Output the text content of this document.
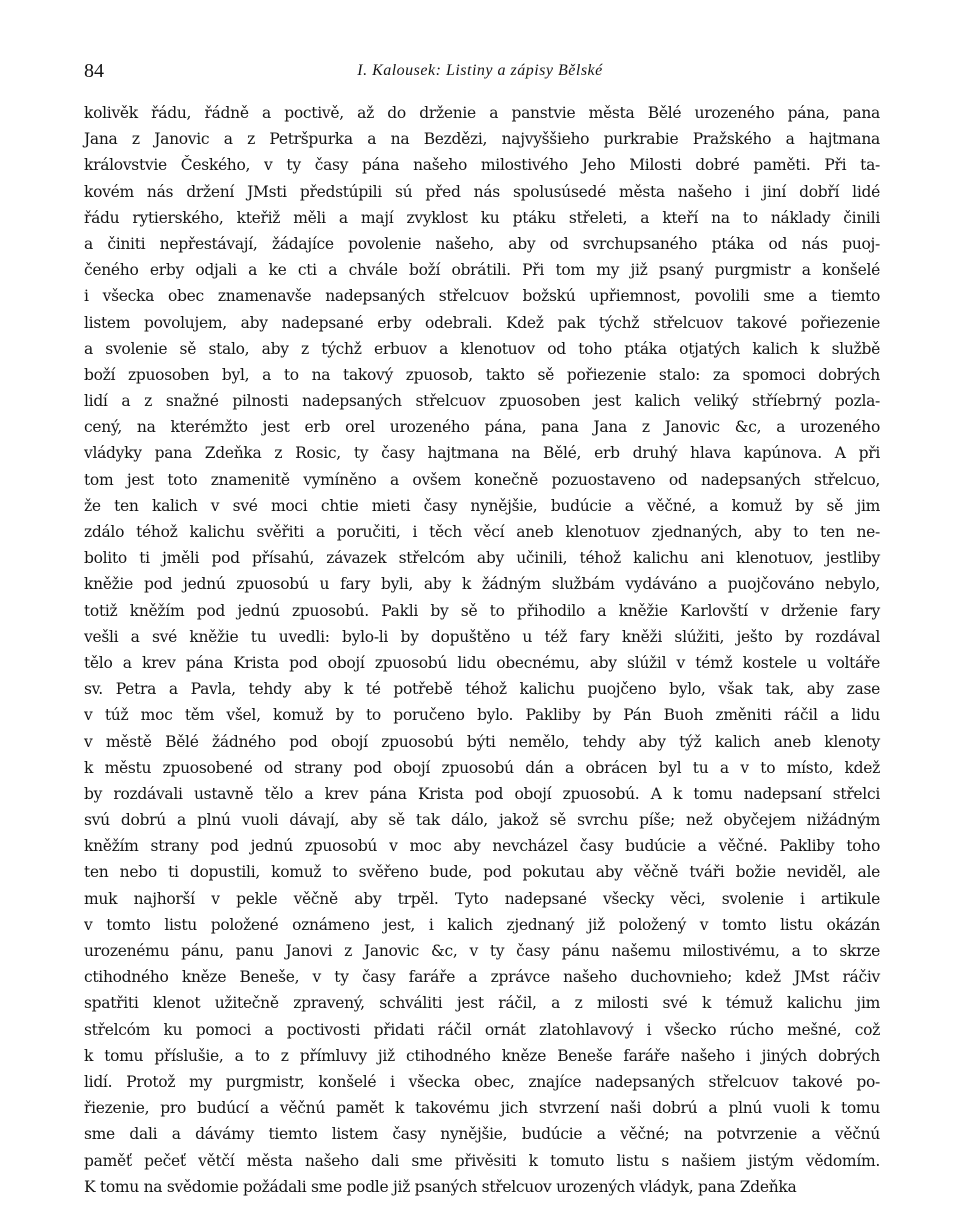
84	I. Kalousek: Listiny a zápisy Bělské
kolivěk řádu, řádně a poctivě, až do drženie a panstvie města Bělé urozeného pána, pana
Jana z Janovic a z Petršpurka a na Bezdězi, najvyššieho purkrabie Pražského a hajtmana
královstvie Českého, v ty časy pána našeho milostivého Jeho Milosti dobré paměti. Při ta-
kovém nás držení JMsti předstúpili sú před nás spolusúsedé města našeho i jiní dobří lidé
řádu rytierského, kteřiž měli a mají zvyklost ku ptáku střeleti, a kteří na to náklady činili
a činiti nepřestávají, žádajíce povolenie našeho, aby od svrchupsaného ptáka od nás puoj-
čeného erby odjali a ke cti a chvále boží obrátili. Při tom my již psaný purgmistr a konšelé
i všecka obec znamenavše nadepsaných střelcuov božskú upřiemnost, povolili sme a tiemto
listem povolujem, aby nadepsané erby odebrali. Kdež pak týchž střelcuov takové pořiezenie
a svolenie sě stalo, aby z týchž erbuov a klenotuov od toho ptáka otjatých kalich k službě
boží zpuosoben byl, a to na takový zpuosob, takto sě pořiezenie stalo: za spomoci dobrých
lidí a z snažné pilnosti nadepsaných střelcuov zpuosoben jest kalich veliký stříebrný pozla-
cený, na kterémžto jest erb orel urozeného pána, pana Jana z Janovic &c, a urozeného
vládyky pana Zdeňka z Rosic, ty časy hajtmana na Bělé, erb druhý hlava kapúnova. A při
tom jest toto znamenitě vymíněno a ovšem konečně pozuostaveno od nadepsaných střelcuo,
že ten kalich v své moci chtie mieti časy nynějšie, budúcie a věčné, a komuž by sě jim
zdálo téhož kalichu svěřiti a poručiti, i těch věcí aneb klenotuov zjednaných, aby to ten ne-
bolito ti jměli pod přísahú, závazek střelcóm aby učinili, téhož kalichu ani klenotuov, jestliby
kněžie pod jednú zpuosobú u fary byli, aby k žádným službám vydáváno a puojčováno nebylo,
totiž kněžím pod jednú zpuosobú. Pakli by sě to přihodilo a kněžie Karlovští v drženie fary
vešli a své kněžie tu uvedli: bylo-li by dopuštěno u též fary kněži slúžiti, ješto by rozdával
tělo a krev pána Krista pod obojí zpuosobú lidu obecnému, aby slúžil v témž kostele u voltáře
sv. Petra a Pavla, tehdy aby k té potřebě téhož kalichu puojčeno bylo, však tak, aby zase
v túž moc těm všel, komuž by to poručeno bylo. Pakliby by Pán Buoh změniti ráčil a lidu
v městě Bělé žádného pod obojí zpuosobú býti nemělo, tehdy aby týž kalich aneb klenoty
k městu zpuosobené od strany pod obojí zpuosobú dán a obrácen byl tu a v to místo, kdež
by rozdávali ustavně tělo a krev pána Krista pod obojí zpuosobú. A k tomu nadepsaní střelci
svú dobrú a plnú vuoli dávají, aby sě tak dálo, jakož sě svrchu píše; než obyčejem nižádným
kněžím strany pod jednú zpuosobú v moc aby nevcházel časy budúcie a věčné. Pakliby toho
ten nebo ti dopustili, komuž to svěřeno bude, pod pokutau aby věčně tváři božie neviděl, ale
muk najhorší v pekle věčně aby trpěl. Tyto nadepsané všecky věci, svolenie i artikule
v tomto listu položené oznámeno jest, i kalich zjednaný již položený v tomto listu okázán
urozenému pánu, panu Janovi z Janovic &c, v ty časy pánu našemu milostivému, a to skrze
ctihodného kněze Beneše, v ty časy faráře a zprávce našeho duchovnieho; kdež JMst ráčiv
spatřiti klenot užitečně zpravený, schváliti jest ráčil, a z milosti své k témuž kalichu jim
střelcóm ku pomoci a poctivosti přidati ráčil ornát zlatohlavový i všecko rúcho mešné, což
k tomu příslušie, a to z přímluvy již ctihodného kněze Beneše faráře našeho i jiných dobrých
lidí. Protož my purgmistr, konšelé i všecka obec, znajíce nadepsaných střelcuov takové po-
řiezenie, pro budúcí a věčnú pamět k takovému jich stvrzení naši dobrú a plnú vuoli k tomu
sme dali a dávámy tiemto listem časy nynějšie, budúcie a věčné; na potvrzenie a věčnú
paměť pečeť větčí města našeho dali sme přivěsiti k tomuto listu s našiem jistým vědomím.
K tomu na svědomie požádali sme podle již psaných střelcuov urozených vládyk, pana Zdeňka
